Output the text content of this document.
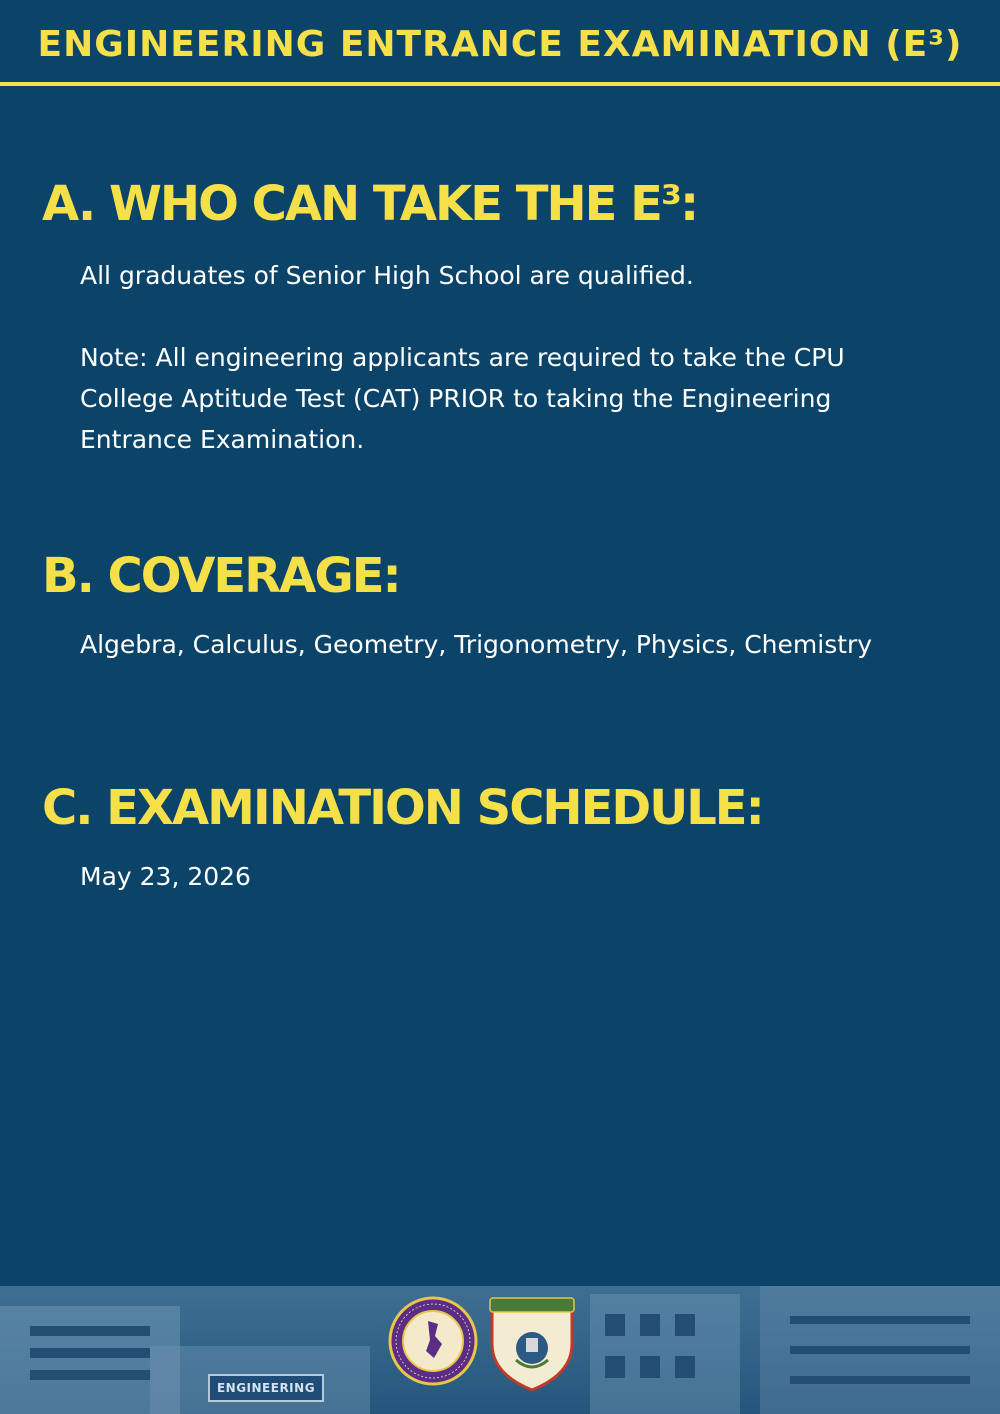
ENGINEERING ENTRANCE EXAMINATION (E³)
A. WHO CAN TAKE THE E³:
All graduates of Senior High School are qualified.
Note: All engineering applicants are required to take the CPU College Aptitude Test (CAT) PRIOR to taking the Engineering Entrance Examination.
B. COVERAGE:
Algebra, Calculus, Geometry, Trigonometry, Physics, Chemistry
C. EXAMINATION SCHEDULE:
May 23, 2026
ENGINEERING
